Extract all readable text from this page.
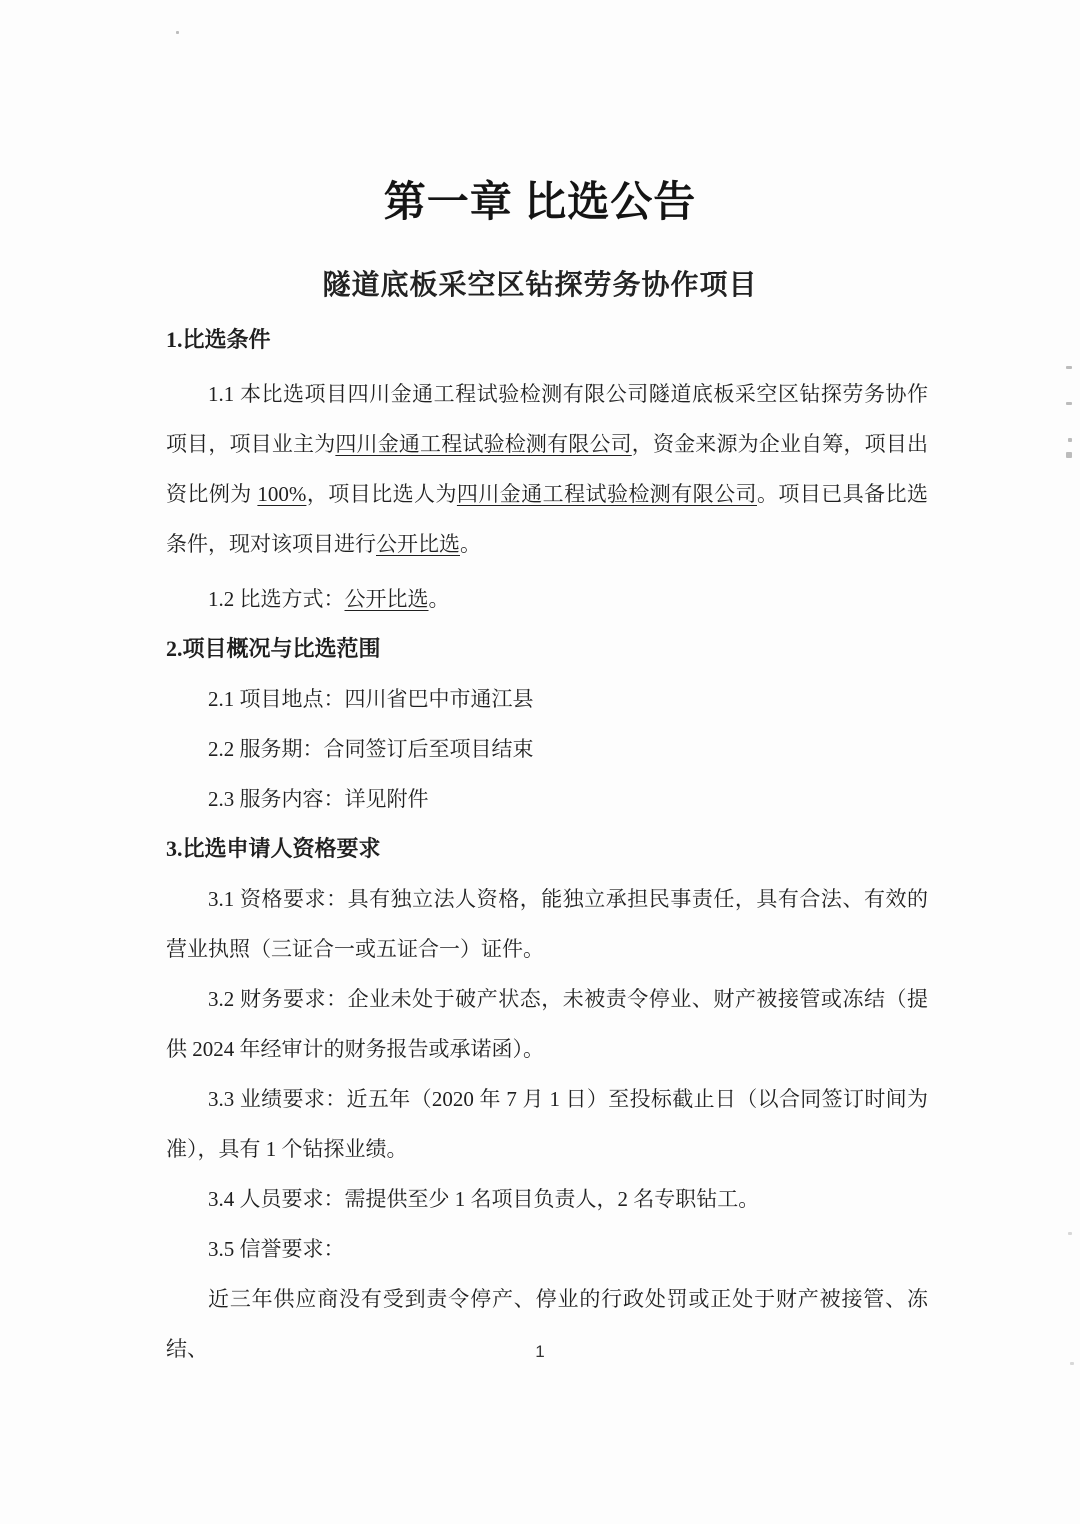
第一章 比选公告
隧道底板采空区钻探劳务协作项目

1.比选条件

1.1 本比选项目四川金通工程试验检测有限公司隧道底板采空区钻探劳务协作项目，项目业主为四川金通工程试验检测有限公司，资金来源为企业自筹，项目出资比例为 100%，项目比选人为四川金通工程试验检测有限公司。项目已具备比选条件，现对该项目进行公开比选。

1.2 比选方式：公开比选。

2.项目概况与比选范围

2.1 项目地点：四川省巴中市通江县

2.2 服务期：合同签订后至项目结束

2.3 服务内容：详见附件

3.比选申请人资格要求

3.1 资格要求：具有独立法人资格，能独立承担民事责任，具有合法、有效的营业执照（三证合一或五证合一）证件。

3.2 财务要求：企业未处于破产状态，未被责令停业、财产被接管或冻结（提供 2024 年经审计的财务报告或承诺函）。

3.3 业绩要求：近五年（2020 年 7 月 1 日）至投标截止日（以合同签订时间为准），具有 1 个钻探业绩。

3.4 人员要求：需提供至少 1 名项目负责人，2 名专职钻工。

3.5 信誉要求：

近三年供应商没有受到责令停产、停业的行政处罚或正处于财产被接管、冻结、	1
